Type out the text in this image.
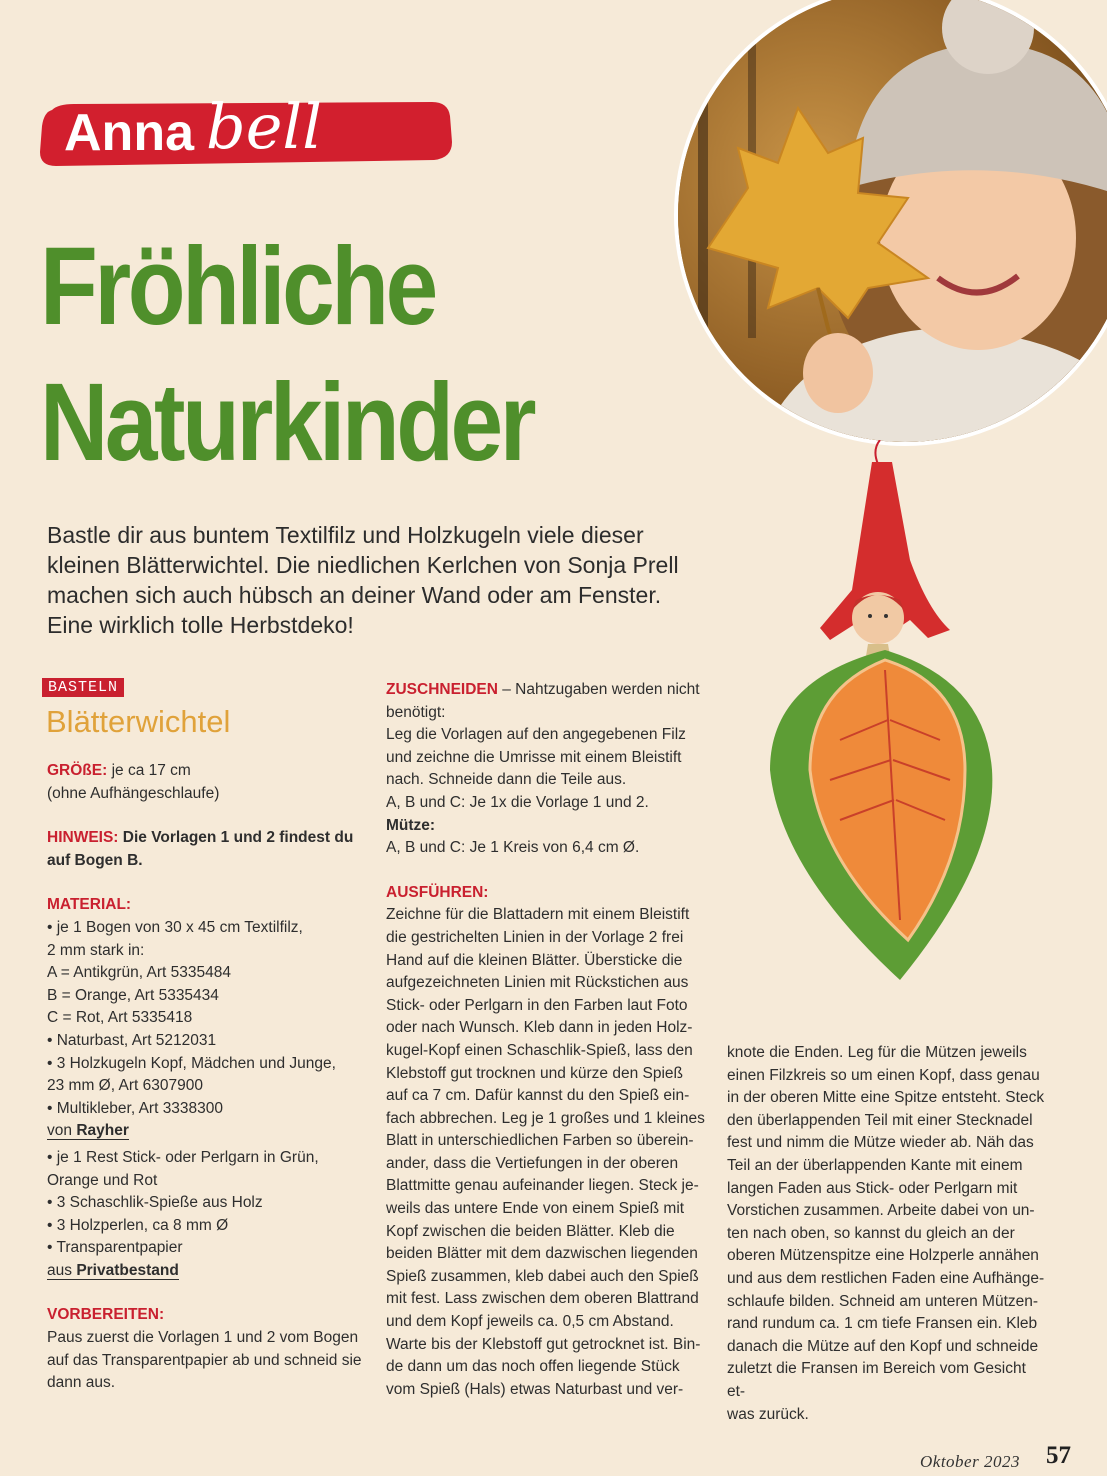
Anna bell
Fröhliche
Naturkinder
Bastle dir aus buntem Textilfilz und Holzkugeln viele dieser kleinen Blätterwichtel. Die niedlichen Kerlchen von Sonja Prell machen sich auch hübsch an deiner Wand oder am Fenster. Eine wirklich tolle Herbstdeko!
BASTELN
Blätterwichtel
GRÖßE: je ca 17 cm
(ohne Aufhängeschlaufe)
HINWEIS: Die Vorlagen 1 und 2 findest du
auf Bogen B.
MATERIAL:
• je 1 Bogen von 30 x 45 cm Textilfilz,
2 mm stark in:
A = Antikgrün, Art 5335484
B = Orange, Art 5335434
C = Rot, Art 5335418
• Naturbast, Art 5212031
• 3 Holzkugeln Kopf, Mädchen und Junge,
23 mm Ø, Art 6307900
• Multikleber, Art 3338300
von Rayher
• je 1 Rest Stick- oder Perlgarn in Grün,
Orange und Rot
• 3 Schaschlik-Spieße aus Holz
• 3 Holzperlen, ca 8 mm Ø
• Transparentpapier
aus Privatbestand
VORBEREITEN:
Paus zuerst die Vorlagen 1 und 2 vom Bogen
auf das Transparentpapier ab und schneid sie
dann aus.
ZUSCHNEIDEN – Nahtzugaben werden nicht
benötigt:
Leg die Vorlagen auf den angegebenen Filz
und zeichne die Umrisse mit einem Bleistift
nach. Schneide dann die Teile aus.
A, B und C: Je 1x die Vorlage 1 und 2.
Mütze:
A, B und C: Je 1 Kreis von 6,4 cm Ø.
AUSFÜHREN:
Zeichne für die Blattadern mit einem Bleistift
die gestrichelten Linien in der Vorlage 2 frei
Hand auf die kleinen Blätter. Übersticke die
aufgezeichneten Linien mit Rückstichen aus
Stick- oder Perlgarn in den Farben laut Foto
oder nach Wunsch. Kleb dann in jeden Holz-
kugel-Kopf einen Schaschlik-Spieß, lass den
Klebstoff gut trocknen und kürze den Spieß
auf ca 7 cm. Dafür kannst du den Spieß ein-
fach abbrechen. Leg je 1 großes und 1 kleines
Blatt in unterschiedlichen Farben so überein-
ander, dass die Vertiefungen in der oberen
Blattmitte genau aufeinander liegen. Steck je-
weils das untere Ende von einem Spieß mit
Kopf zwischen die beiden Blätter. Kleb die
beiden Blätter mit dem dazwischen liegenden
Spieß zusammen, kleb dabei auch den Spieß
mit fest. Lass zwischen dem oberen Blattrand
und dem Kopf jeweils ca. 0,5 cm Abstand.
Warte bis der Klebstoff gut getrocknet ist. Bin-
de dann um das noch offen liegende Stück
vom Spieß (Hals) etwas Naturbast und ver-
knote die Enden. Leg für die Mützen jeweils
einen Filzkreis so um einen Kopf, dass genau
in der oberen Mitte eine Spitze entsteht. Steck
den überlappenden Teil mit einer Stecknadel
fest und nimm die Mütze wieder ab. Näh das
Teil an der überlappenden Kante mit einem
langen Faden aus Stick- oder Perlgarn mit
Vorstichen zusammen. Arbeite dabei von un-
ten nach oben, so kannst du gleich an der
oberen Mützenspitze eine Holzperle annähen
und aus dem restlichen Faden eine Aufhänge-
schlaufe bilden. Schneid am unteren Mützen-
rand rundum ca. 1 cm tiefe Fransen ein. Kleb
danach die Mütze auf den Kopf und schneide
zuletzt die Fransen im Bereich vom Gesicht et-
was zurück.
Oktober 2023 57
